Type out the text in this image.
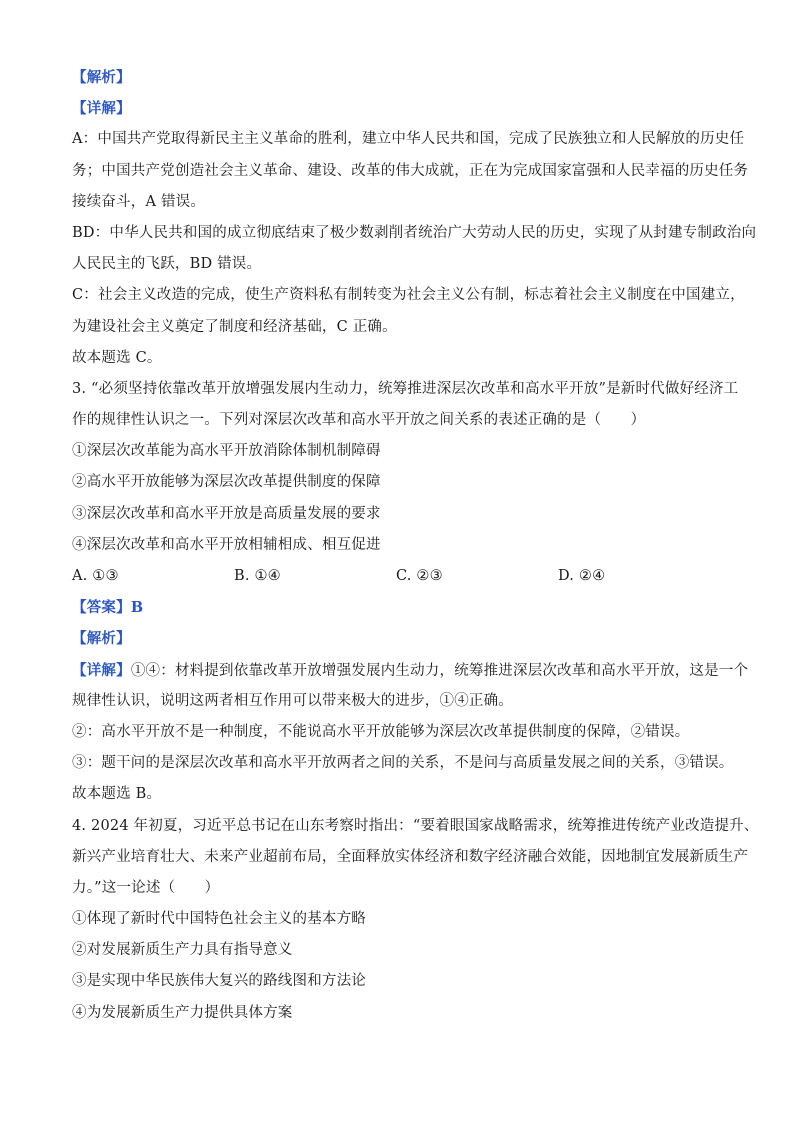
【解析】
【详解】
A：中国共产党取得新民主主义革命的胜利，建立中华人民共和国，完成了民族独立和人民解放的历史任
务；中国共产党创造社会主义革命、建设、改革的伟大成就，正在为完成国家富强和人民幸福的历史任务
接续奋斗，A 错误。
BD：中华人民共和国的成立彻底结束了极少数剥削者统治广大劳动人民的历史，实现了从封建专制政治向
人民民主的飞跃，BD 错误。
C：社会主义改造的完成，使生产资料私有制转变为社会主义公有制，标志着社会主义制度在中国建立，
为建设社会主义奠定了制度和经济基础，C 正确。
故本题选 C。
3. “必须坚持依靠改革开放增强发展内生动力，统筹推进深层次改革和高水平开放”是新时代做好经济工
作的规律性认识之一。下列对深层次改革和高水平开放之间关系的表述正确的是（　　）
①深层次改革能为高水平开放消除体制机制障碍
②高水平开放能够为深层次改革提供制度的保障
③深层次改革和高水平开放是高质量发展的要求
④深层次改革和高水平开放相辅相成、相互促进
A. ①③	B. ①④	C. ②③	D. ②④
【答案】B
【解析】
【详解】①④：材料提到依靠改革开放增强发展内生动力，统筹推进深层次改革和高水平开放，这是一个
规律性认识，说明这两者相互作用可以带来极大的进步，①④正确。
②：高水平开放不是一种制度，不能说高水平开放能够为深层次改革提供制度的保障，②错误。
③：题干问的是深层次改革和高水平开放两者之间的关系，不是问与高质量发展之间的关系，③错误。
故本题选 B。
4. 2024 年初夏，习近平总书记在山东考察时指出：“要着眼国家战略需求，统筹推进传统产业改造提升、
新兴产业培育壮大、未来产业超前布局，全面释放实体经济和数字经济融合效能，因地制宜发展新质生产
力。”这一论述（　　）
①体现了新时代中国特色社会主义的基本方略
②对发展新质生产力具有指导意义
③是实现中华民族伟大复兴的路线图和方法论
④为发展新质生产力提供具体方案
